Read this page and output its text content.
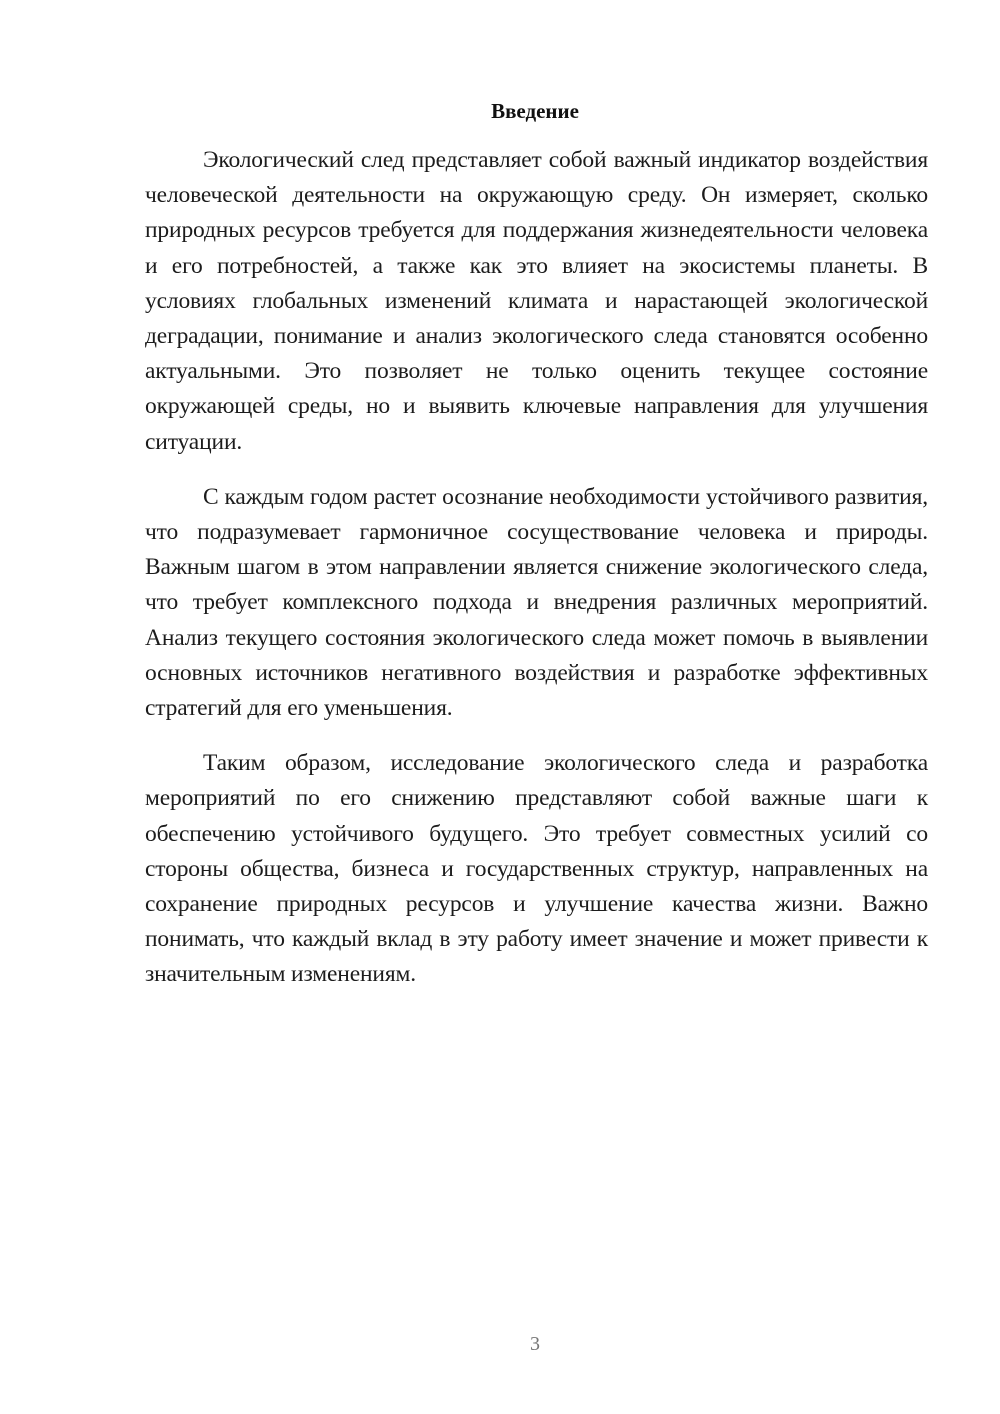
Введение

Экологический след представляет собой важный индикатор воздействия человеческой деятельности на окружающую среду. Он измеряет, сколько природных ресурсов требуется для поддержания жизнедеятельности человека и его потребностей, а также как это влияет на экосистемы планеты. В условиях глобальных изменений климата и нарастающей экологической деградации, понимание и анализ экологического следа становятся особенно актуальными. Это позволяет не только оценить текущее состояние окружающей среды, но и выявить ключевые направления для улучшения ситуации.

С каждым годом растет осознание необходимости устойчивого развития, что подразумевает гармоничное сосуществование человека и природы. Важным шагом в этом направлении является снижение экологического следа, что требует комплексного подхода и внедрения различных мероприятий. Анализ текущего состояния экологического следа может помочь в выявлении основных источников негативного воздействия и разработке эффективных стратегий для его уменьшения.

Таким образом, исследование экологического следа и разработка мероприятий по его снижению представляют собой важные шаги к обеспечению устойчивого будущего. Это требует совместных усилий со стороны общества, бизнеса и государственных структур, направленных на сохранение природных ресурсов и улучшение качества жизни. Важно понимать, что каждый вклад в эту работу имеет значение и может привести к значительным изменениям.

3
